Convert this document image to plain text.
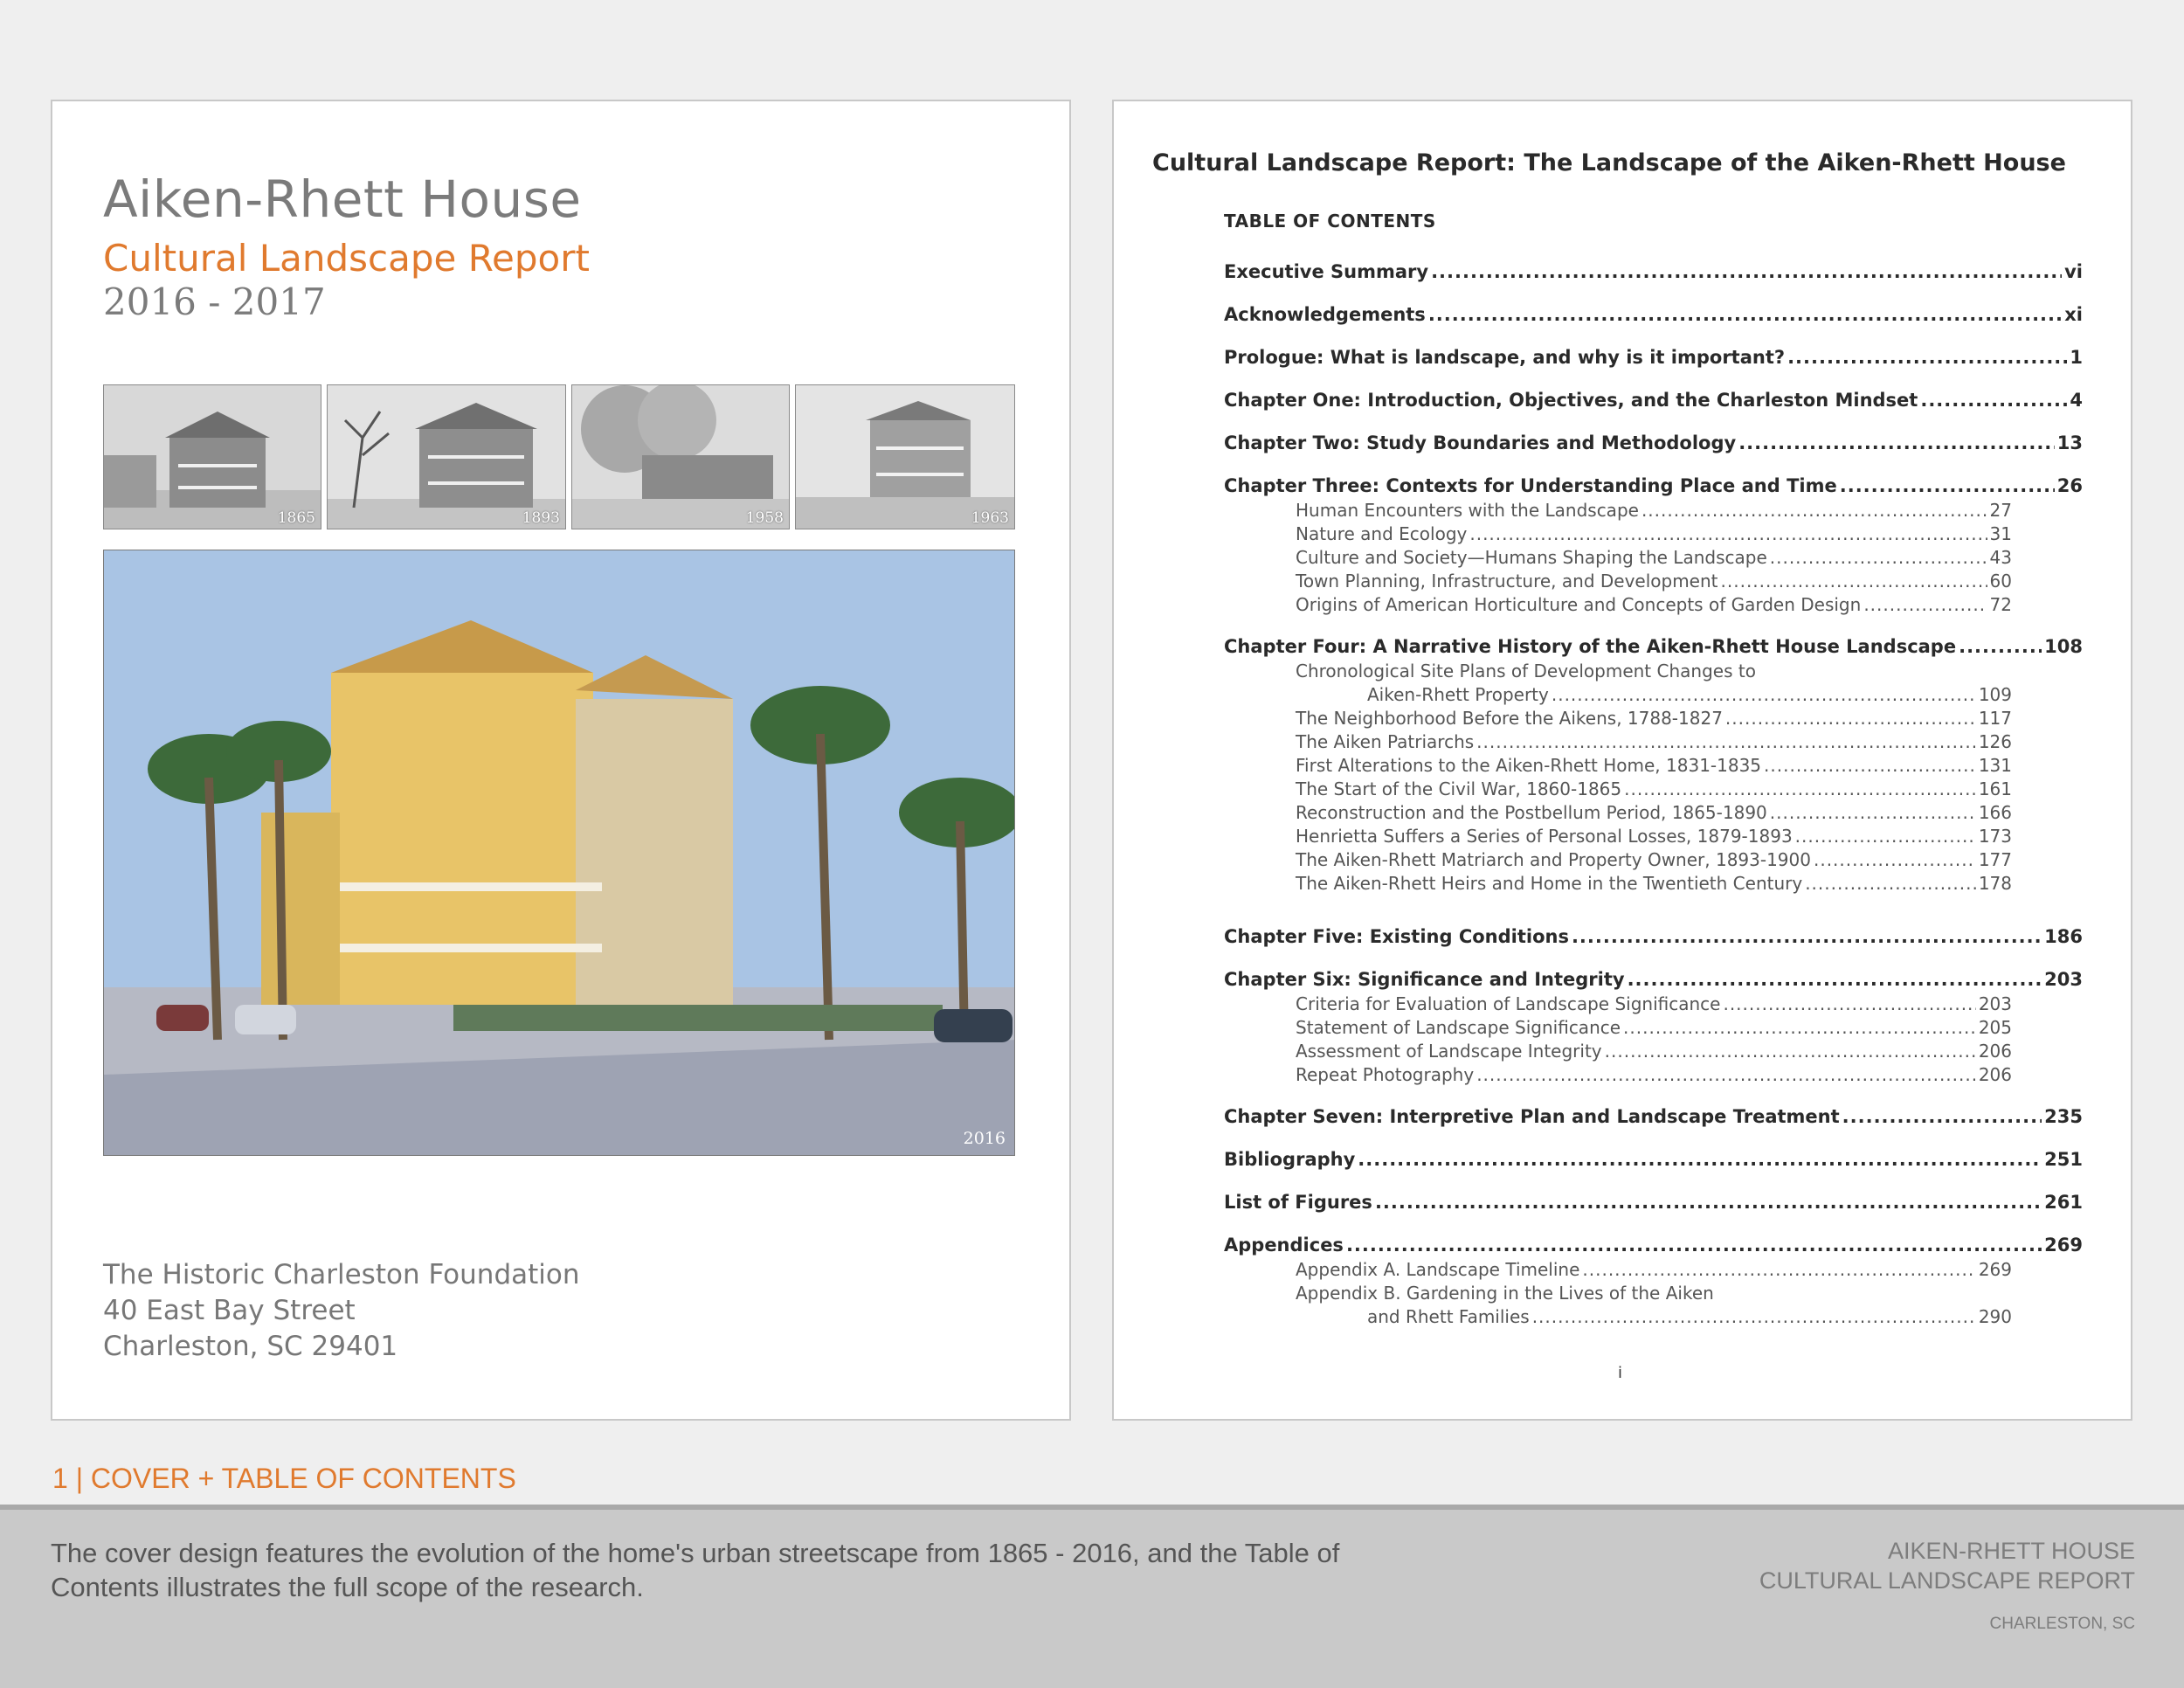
Aiken-Rhett House
Cultural Landscape Report
2016 - 2017
1865	1893	1958	1963
2016
The Historic Charleston Foundation
40 East Bay Street
Charleston, SC 29401
Cultural Landscape Report: The Landscape of the Aiken-Rhett House
TABLE OF CONTENTS
Executive Summary .....	vi
Acknowledgements .....	xi
Prologue: What is landscape, and why is it important? .....	1
Chapter One: Introduction, Objectives, and the Charleston Mindset .....	4
Chapter Two: Study Boundaries and Methodology .....	13
Chapter Three: Contexts for Understanding Place and Time .....	26
Human Encounters with the Landscape .....	27
Nature and Ecology .....	31
Culture and Society—Humans Shaping the Landscape .....	43
Town Planning, Infrastructure, and Development .....	60
Origins of American Horticulture and Concepts of Garden Design .....	72
Chapter Four: A Narrative History of the Aiken-Rhett House Landscape .....	108
Chronological Site Plans of Development Changes to
Aiken-Rhett Property .....	109
The Neighborhood Before the Aikens, 1788-1827 .....	117
The Aiken Patriarchs .....	126
First Alterations to the Aiken-Rhett Home, 1831-1835 .....	131
The Start of the Civil War, 1860-1865 .....	161
Reconstruction and the Postbellum Period, 1865-1890 .....	166
Henrietta Suffers a Series of Personal Losses, 1879-1893 .....	173
The Aiken-Rhett Matriarch and Property Owner, 1893-1900 .....	177
The Aiken-Rhett Heirs and Home in the Twentieth Century .....	178
Chapter Five: Existing Conditions .....	186
Chapter Six: Significance and Integrity .....	203
Criteria for Evaluation of Landscape Significance .....	203
Statement of Landscape Significance .....	205
Assessment of Landscape Integrity .....	206
Repeat Photography .....	206
Chapter Seven: Interpretive Plan and Landscape Treatment .....	235
Bibliography .....	251
List of Figures .....	261
Appendices .....	269
Appendix A. Landscape Timeline .....	269
Appendix B. Gardening in the Lives of the Aiken
and Rhett Families .....	290
i
1 | COVER + TABLE OF CONTENTS
The cover design features the evolution of the home's urban streetscape from 1865 - 2016, and the Table of Contents illustrates the full scope of the research.
AIKEN-RHETT HOUSE
CULTURAL LANDSCAPE REPORT
CHARLESTON, SC
